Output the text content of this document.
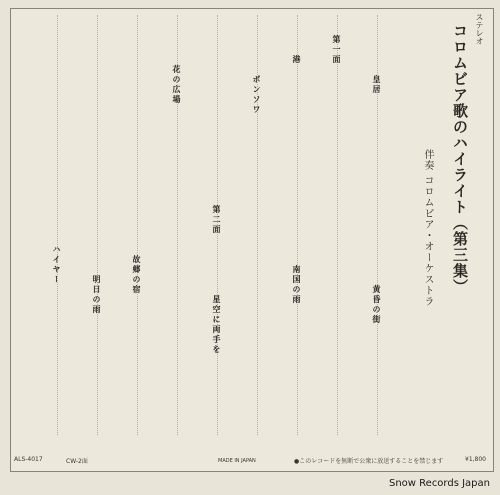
ステレオ
コロムビア歌のハイライト（第三集）
伴奏 コロムビア・オーケストラ
第一面
第二面
皇居
港
ボンソワ
花の広場
故郷の宿
明日の雨
ハイヤー
星空に両手を
南国の雨	黄昏の街
ALS-4017	CW-2面	MADE IN JAPAN	●このレコードを無断で公衆に放送することを禁じます	¥1,800
Snow Records Japan
